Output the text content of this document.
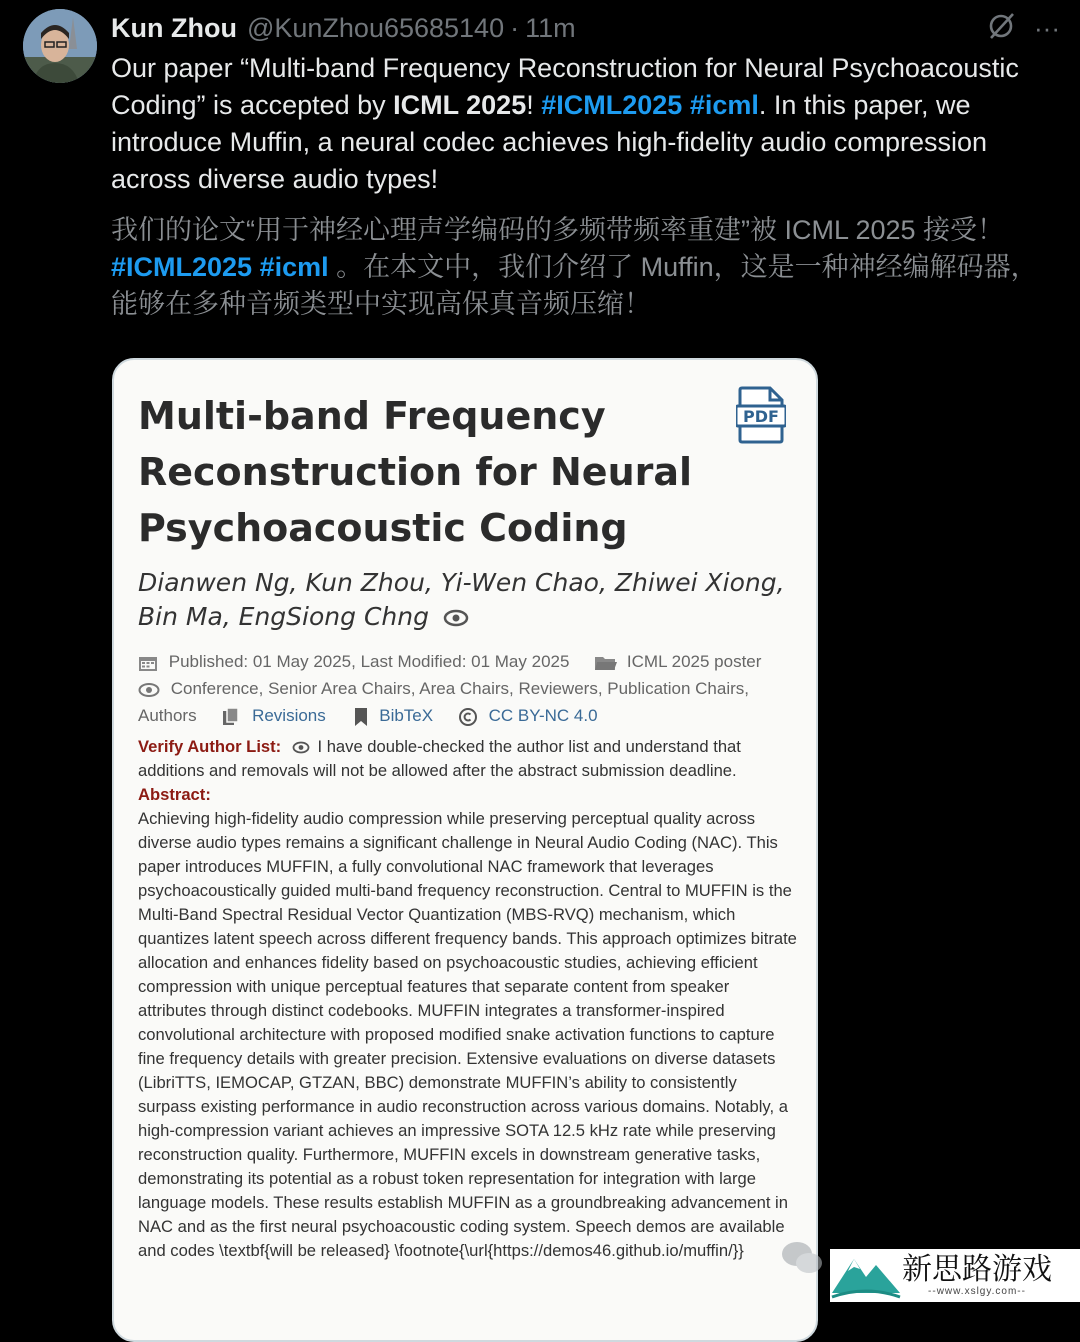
Kun Zhou @KunZhou65685140 · 11m	···

Our paper “Multi-band Frequency Reconstruction for Neural Psychoacoustic Coding” is accepted by ICML 2025! #ICML2025 #icml. In this paper, we introduce Muffin, a neural codec achieves high-fidelity audio compression across diverse audio types!

我们的论文“用于神经心理声学编码的多频带频率重建”被 ICML 2025 接受！#ICML2025 #icml 。在本文中，我们介绍了 Muffin，这是一种神经编解码器，能够在多种音频类型中实现高保真音频压缩！

Multi-band Frequency Reconstruction for Neural Psychoacoustic Coding
PDF
Dianwen Ng, Kun Zhou, Yi-Wen Chao, Zhiwei Xiong, Bin Ma, EngSiong Chng
Published: 01 May 2025, Last Modified: 01 May 2025	ICML 2025 poster
Conference, Senior Area Chairs, Area Chairs, Reviewers, Publication Chairs, Authors	Revisions	BibTeX	CC BY-NC 4.0

Verify Author List: I have double-checked the author list and understand that additions and removals will not be allowed after the abstract submission deadline.

Abstract:

Achieving high-fidelity audio compression while preserving perceptual quality across diverse audio types remains a significant challenge in Neural Audio Coding (NAC). This paper introduces MUFFIN, a fully convolutional NAC framework that leverages psychoacoustically guided multi-band frequency reconstruction. Central to MUFFIN is the Multi-Band Spectral Residual Vector Quantization (MBS-RVQ) mechanism, which quantizes latent speech across different frequency bands. This approach optimizes bitrate allocation and enhances fidelity based on psychoacoustic studies, achieving efficient compression with unique perceptual features that separate content from speaker attributes through distinct codebooks. MUFFIN integrates a transformer-inspired convolutional architecture with proposed modified snake activation functions to capture fine frequency details with greater precision. Extensive evaluations on diverse datasets (LibriTTS, IEMOCAP, GTZAN, BBC) demonstrate MUFFIN’s ability to consistently surpass existing performance in audio reconstruction across various domains. Notably, a high-compression variant achieves an impressive SOTA 12.5 kHz rate while preserving reconstruction quality. Furthermore, MUFFIN excels in downstream generative tasks, demonstrating its potential as a robust token representation for integration with large language models. These results establish MUFFIN as a groundbreaking advancement in NAC and as the first neural psychoacoustic coding system. Speech demos are available and codes \textbf{will be released} \footnote{\url{https://demos46.github.io/muffin/}}

新思路游戏
--www.xslgy.com--
